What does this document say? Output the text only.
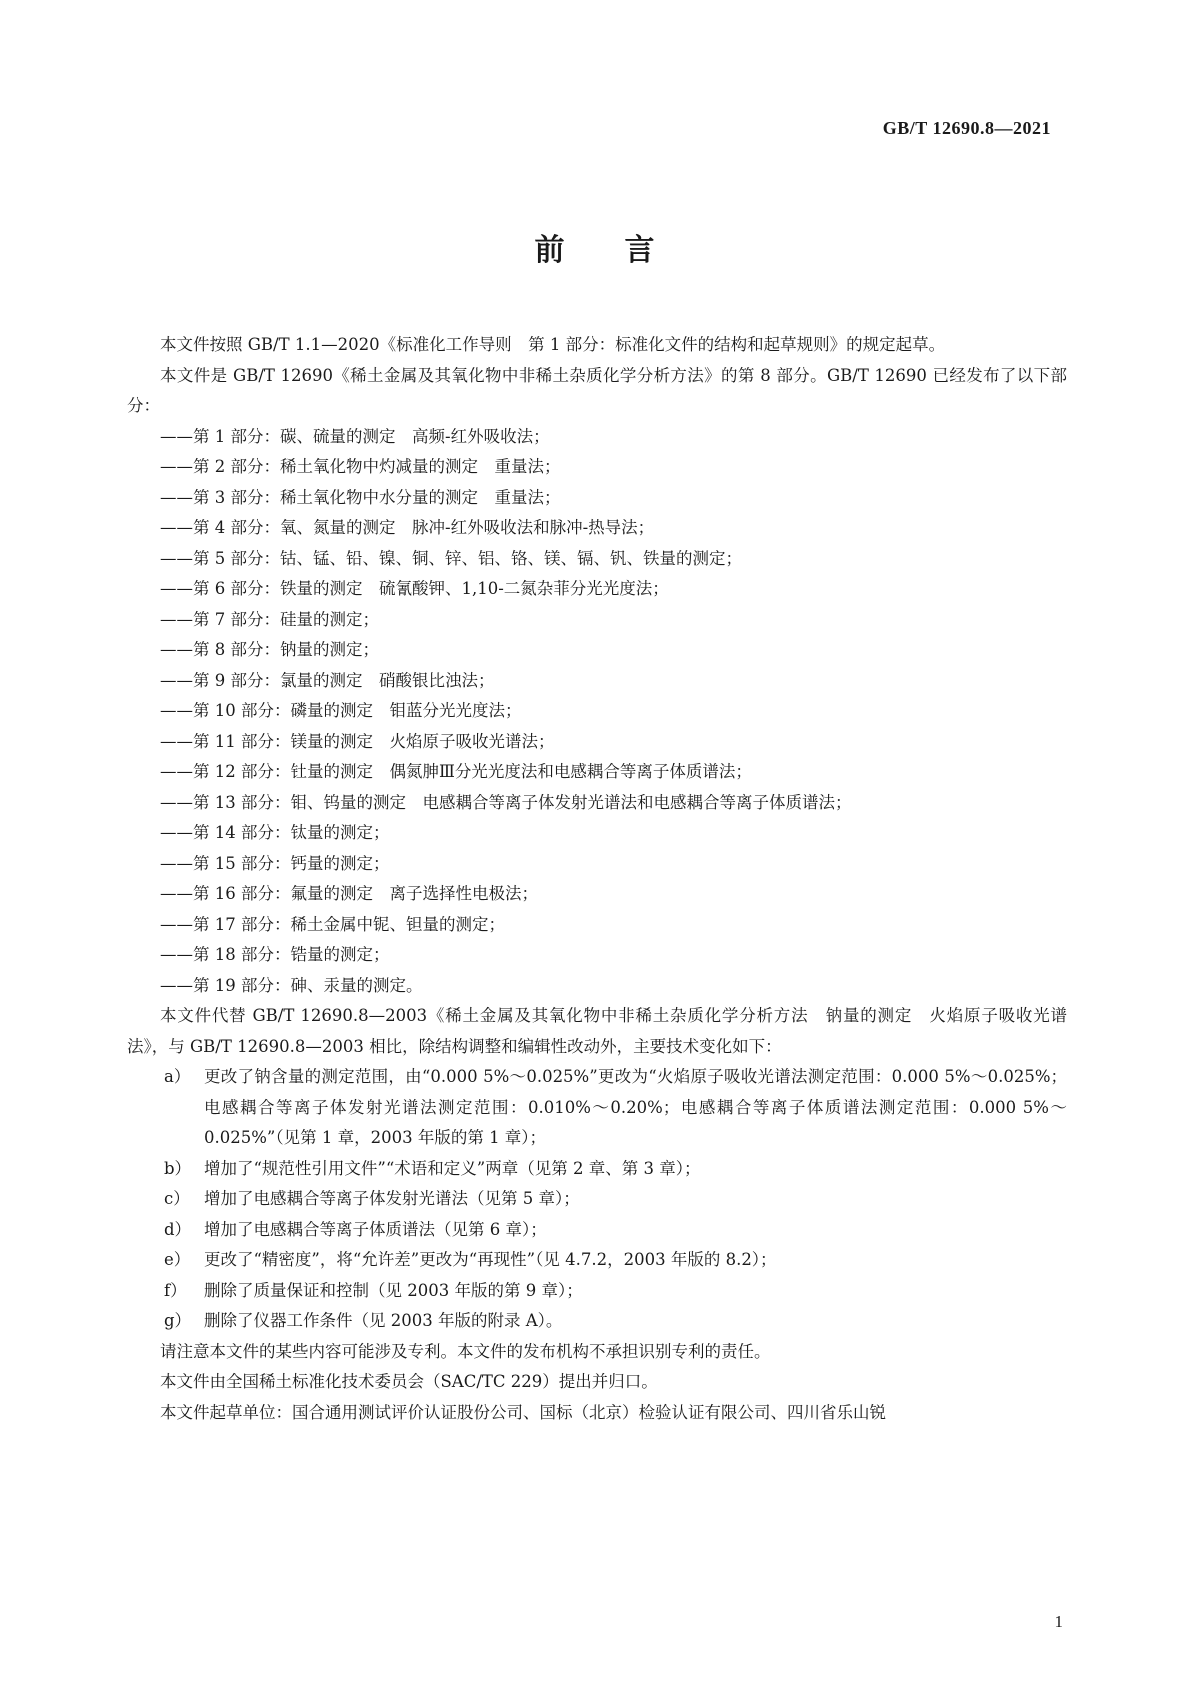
GB/T 12690.8—2021
前 言

本文件按照 GB/T 1.1—2020《标准化工作导则　第 1 部分：标准化文件的结构和起草规则》的规定起草。

本文件是 GB/T 12690《稀土金属及其氧化物中非稀土杂质化学分析方法》的第 8 部分。GB/T 12690 已经发布了以下部分：

——第 1 部分：碳、硫量的测定　高频-红外吸收法；

——第 2 部分：稀土氧化物中灼减量的测定　重量法；

——第 3 部分：稀土氧化物中水分量的测定　重量法；

——第 4 部分：氧、氮量的测定　脉冲-红外吸收法和脉冲-热导法；

——第 5 部分：钴、锰、铅、镍、铜、锌、铝、铬、镁、镉、钒、铁量的测定；

——第 6 部分：铁量的测定　硫氰酸钾、1,10-二氮杂菲分光光度法；

——第 7 部分：硅量的测定；

——第 8 部分：钠量的测定；

——第 9 部分：氯量的测定　硝酸银比浊法；

——第 10 部分：磷量的测定　钼蓝分光光度法；

——第 11 部分：镁量的测定　火焰原子吸收光谱法；

——第 12 部分：钍量的测定　偶氮胂Ⅲ分光光度法和电感耦合等离子体质谱法；

——第 13 部分：钼、钨量的测定　电感耦合等离子体发射光谱法和电感耦合等离子体质谱法；

——第 14 部分：钛量的测定；

——第 15 部分：钙量的测定；

——第 16 部分：氟量的测定　离子选择性电极法；

——第 17 部分：稀土金属中铌、钽量的测定；

——第 18 部分：锆量的测定；

——第 19 部分：砷、汞量的测定。

本文件代替 GB/T 12690.8—2003《稀土金属及其氧化物中非稀土杂质化学分析方法　钠量的测定　火焰原子吸收光谱法》，与 GB/T 12690.8—2003 相比，除结构调整和编辑性改动外，主要技术变化如下：

a） 更改了钠含量的测定范围，由“0.000 5%～0.025%”更改为“火焰原子吸收光谱法测定范围：0.000 5%～0.025%；电感耦合等离子体发射光谱法测定范围：0.010%～0.20%；电感耦合等离子体质谱法测定范围：0.000 5%～0.025%”（见第 1 章，2003 年版的第 1 章）；
b） 增加了“规范性引用文件”“术语和定义”两章（见第 2 章、第 3 章）；
c） 增加了电感耦合等离子体发射光谱法（见第 5 章）；
d） 增加了电感耦合等离子体质谱法（见第 6 章）；
e） 更改了“精密度”，将“允许差”更改为“再现性”（见 4.7.2，2003 年版的 8.2）；
f）	删除了质量保证和控制（见 2003 年版的第 9 章）；
g） 删除了仪器工作条件（见 2003 年版的附录 A）。

请注意本文件的某些内容可能涉及专利。本文件的发布机构不承担识别专利的责任。

本文件由全国稀土标准化技术委员会（SAC/TC 229）提出并归口。

本文件起草单位：国合通用测试评价认证股份公司、国标（北京）检验认证有限公司、四川省乐山锐

1
